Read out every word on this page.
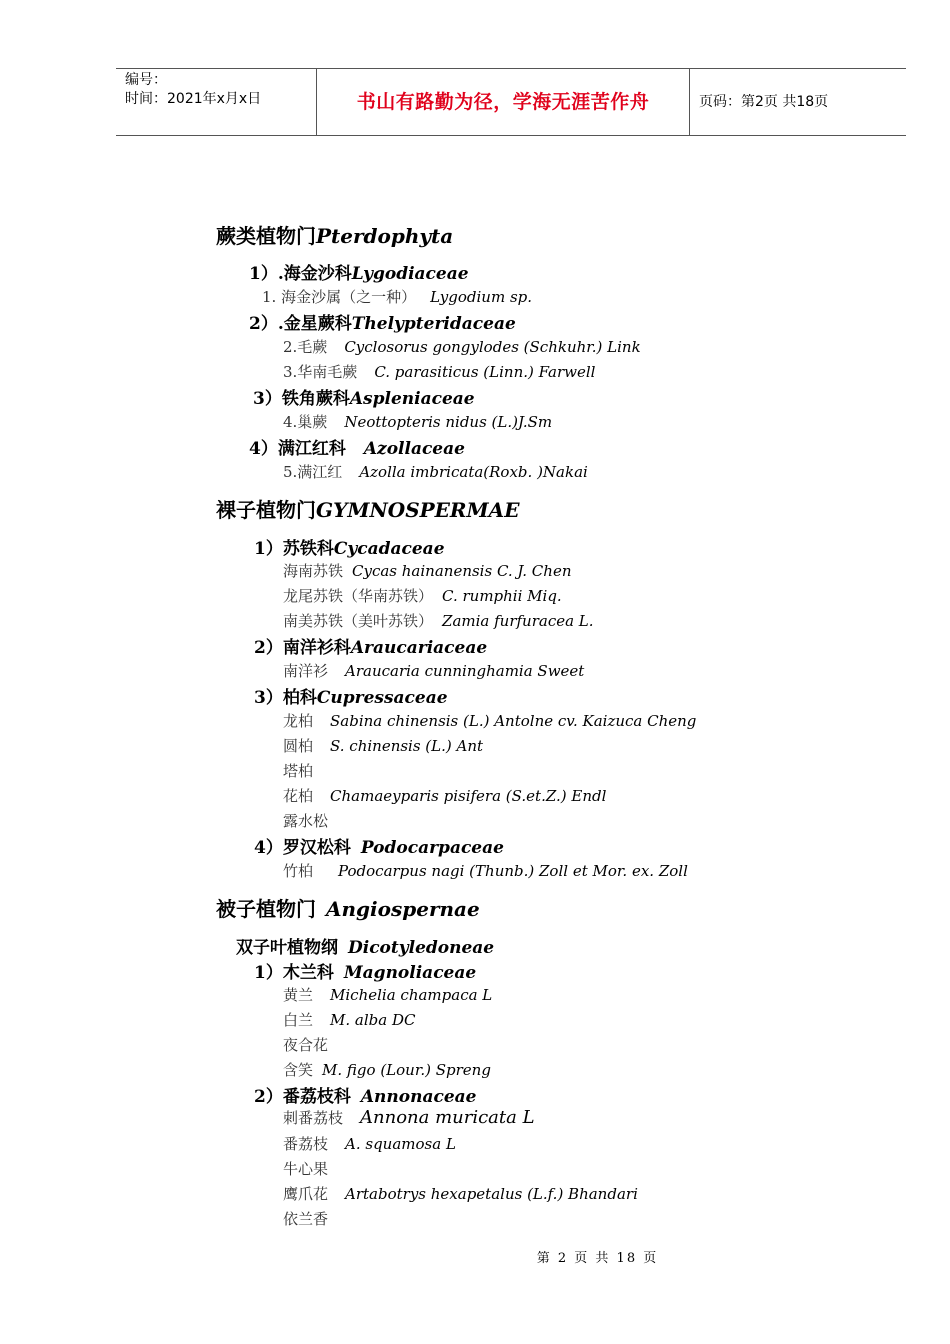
编号：
时间：2021年x月x日	书山有路勤为径，学海无涯苦作舟	页码：第2页 共18页
蕨类植物门Pterdophyta
1）.海金沙科Lygodiaceae
1. 海金沙属（之一种） Lygodium sp.
2）.金星蕨科Thelypteridaceae
2.毛蕨 Cyclosorus gongylodes (Schkuhr.) Link
3.华南毛蕨 C. parasiticus (Linn.) Farwell
3）铁角蕨科Aspleniaceae
4.巢蕨 Neottopteris nidus (L.)J.Sm
4）满江红科 Azollaceae
5.满江红 Azolla imbricata(Roxb. )Nakai
裸子植物门GYMNOSPERMAE
1）苏铁科Cycadaceae
海南苏铁 Cycas hainanensis C. J. Chen
龙尾苏铁（华南苏铁） C. rumphii Miq.
南美苏铁（美叶苏铁） Zamia furfuracea L.
2）南洋衫科Araucariaceae
南洋衫 Araucaria cunninghamia Sweet
3）柏科Cupressaceae
龙柏 Sabina chinensis (L.) Antolne cv. Kaizuca Cheng
圆柏 S. chinensis (L.) Ant
塔柏
花柏 Chamaeyparis pisifera (S.et.Z.) Endl
露水松
4）罗汉松科 Podocarpaceae
竹柏 Podocarpus nagi (Thunb.) Zoll et Mor. ex. Zoll
被子植物门 Angiospernae
双子叶植物纲 Dicotyledoneae
1）木兰科 Magnoliaceae
黄兰 Michelia champaca L
白兰 M. alba DC
夜合花
含笑 M. figo (Lour.) Spreng
2）番荔枝科 Annonaceae
刺番荔枝 Annona muricata L
番荔枝 A. squamosa L
牛心果
鹰爪花 Artabotrys hexapetalus (L.f.) Bhandari
依兰香
第 2 页 共 18 页
